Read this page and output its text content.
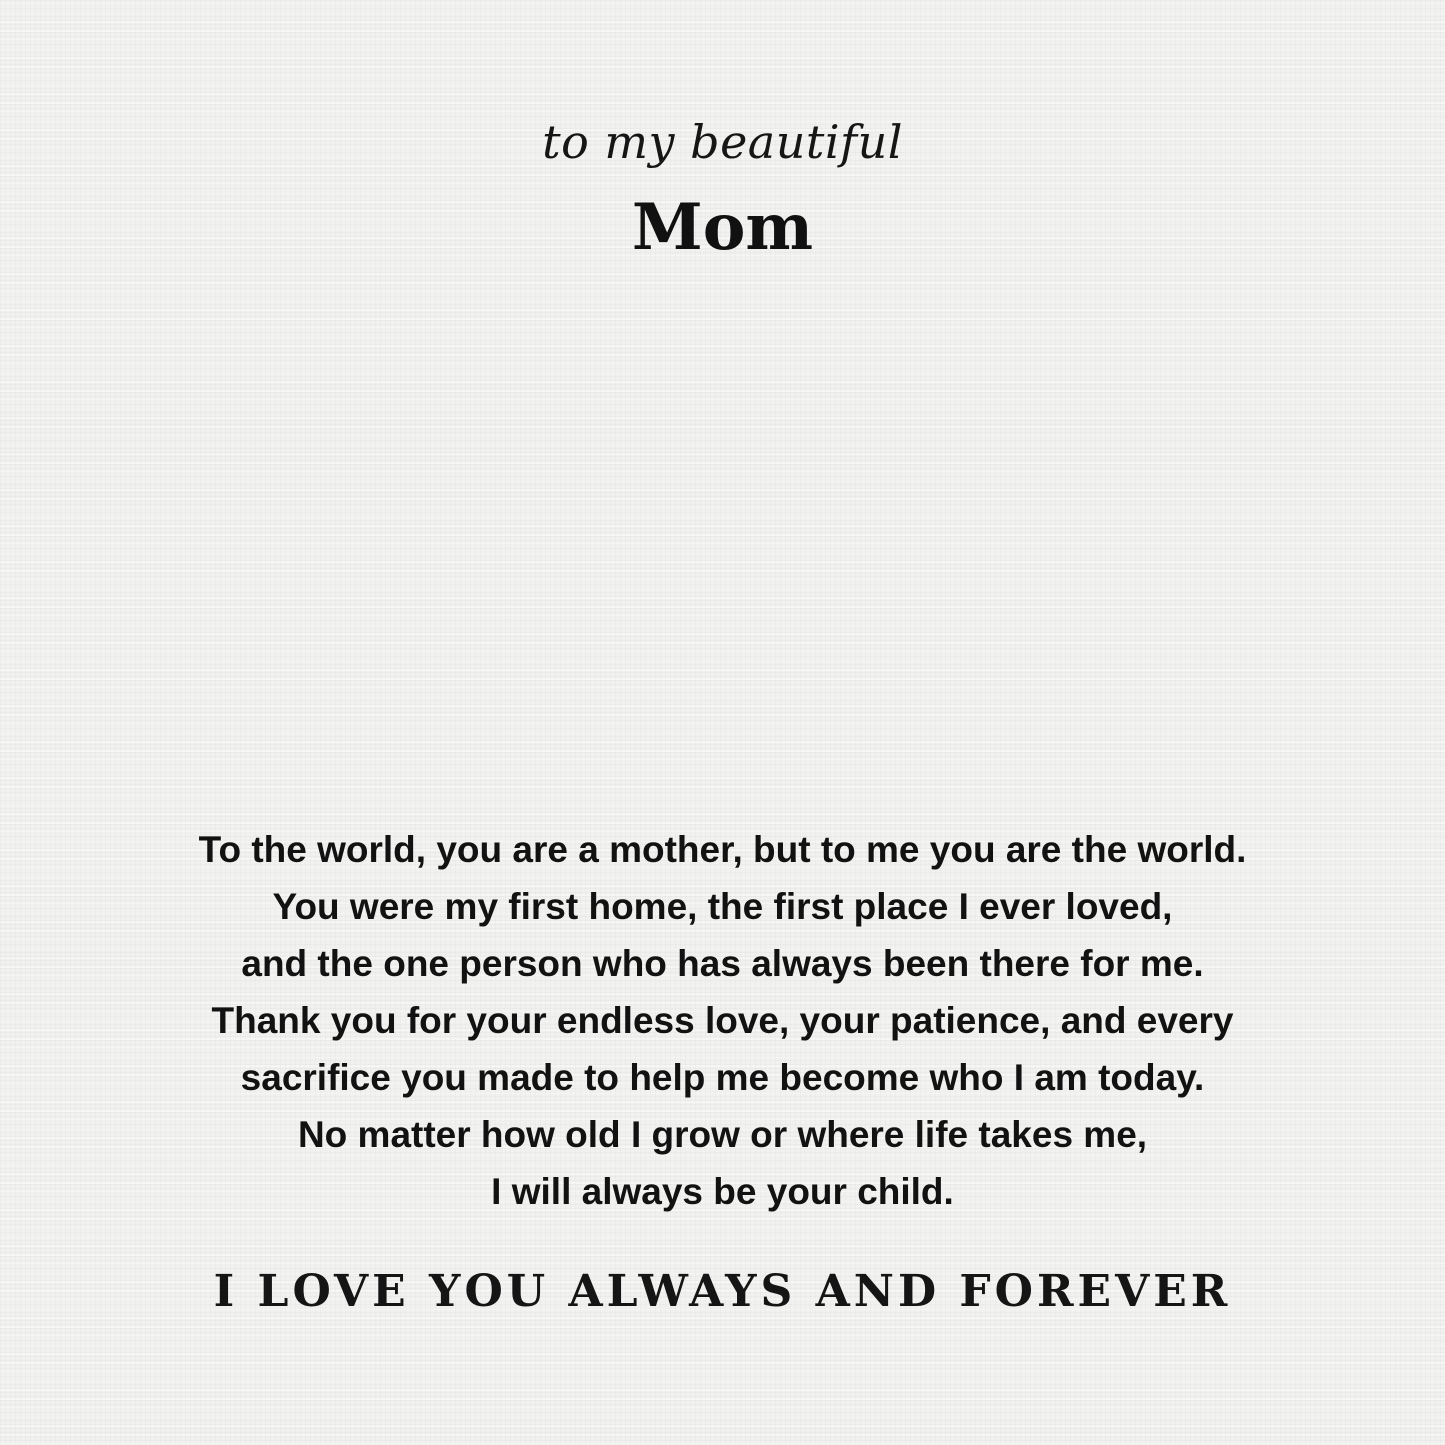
to my beautiful
Mom
To the world, you are a mother, but to me you are the world.
You were my first home, the first place I ever loved,
and the one person who has always been there for me.
Thank you for your endless love, your patience, and every
sacrifice you made to help me become who I am today.
No matter how old I grow or where life takes me,
I will always be your child.
I LOVE YOU ALWAYS AND FOREVER
